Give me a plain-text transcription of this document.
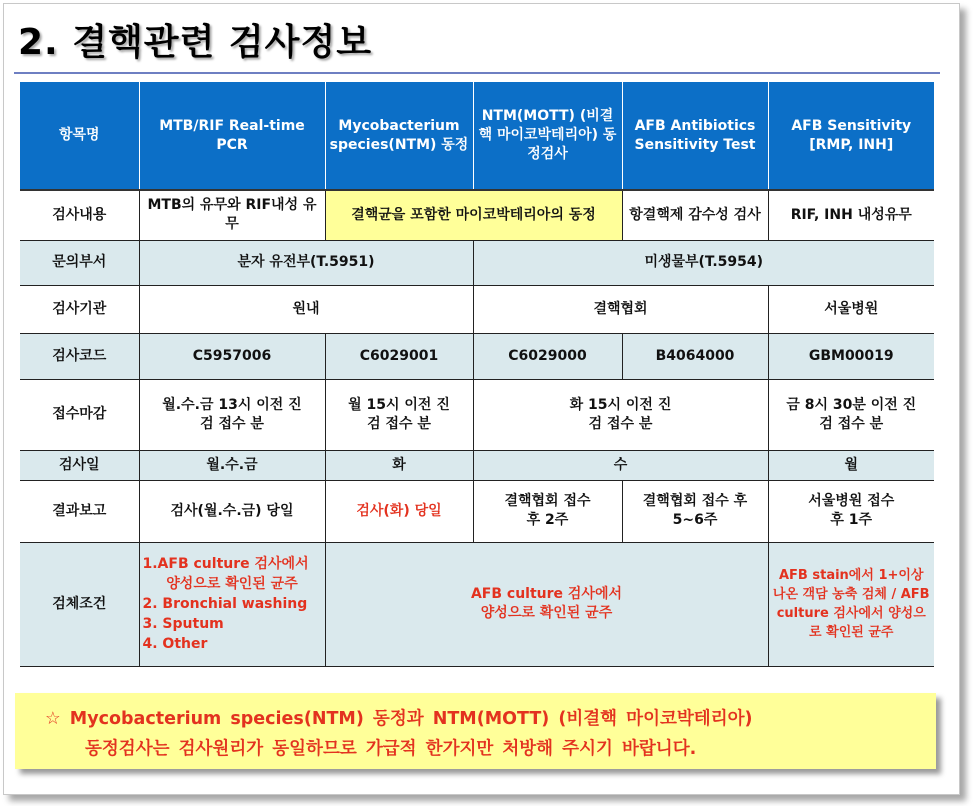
2. 결핵관련 검사정보
항목명	MTB/RIF Real-time PCR	Mycobacterium species(NTM) 동정	NTM(MOTT) (비결핵 마이코박테리아) 동정검사	AFB Antibiotics Sensitivity Test	AFB Sensitivity [RMP, INH]
검사내용	MTB의 유무와 RIF내성 유무	결핵균을 포함한 마이코박테리아의 동정		항결핵제 감수성 검사	RIF, INH 내성유무
문의부서	분자 유전부(T.5951)		미생물부(T.5954)		
검사기관	원내		결핵협회		서울병원
검사코드	C5957006	C6029001	C6029000	B4064000	GBM00019
접수마감	월.수.금 13시 이전 진검 접수 분	월 15시 이전 진검 접수 분	화 15시 이전 진검 접수 분		금 8시 30분 이전 진검 접수 분
검사일	월.수.금	화	수		월
결과보고	검사(월.수.금) 당일	검사(화) 당일	결핵협회 접수 후 2주	결핵협회 접수 후 5~6주	서울병원 접수 후 1주
검체조건	1.AFB culture 검사에서
양성으로 확인된 균주
2. Bronchial washing
3. Sputum
4. Other	AFB culture 검사에서 양성으로 확인된 균주			AFB stain에서 1+이상 나온 객담 농축 검체 / AFB culture 검사에서 양성으로 확인된 균주
☆ Mycobacterium species(NTM) 동정과 NTM(MOTT) (비결핵 마이코박테리아)
동정검사는 검사원리가 동일하므로 가급적 한가지만 처방해 주시기 바랍니다.
